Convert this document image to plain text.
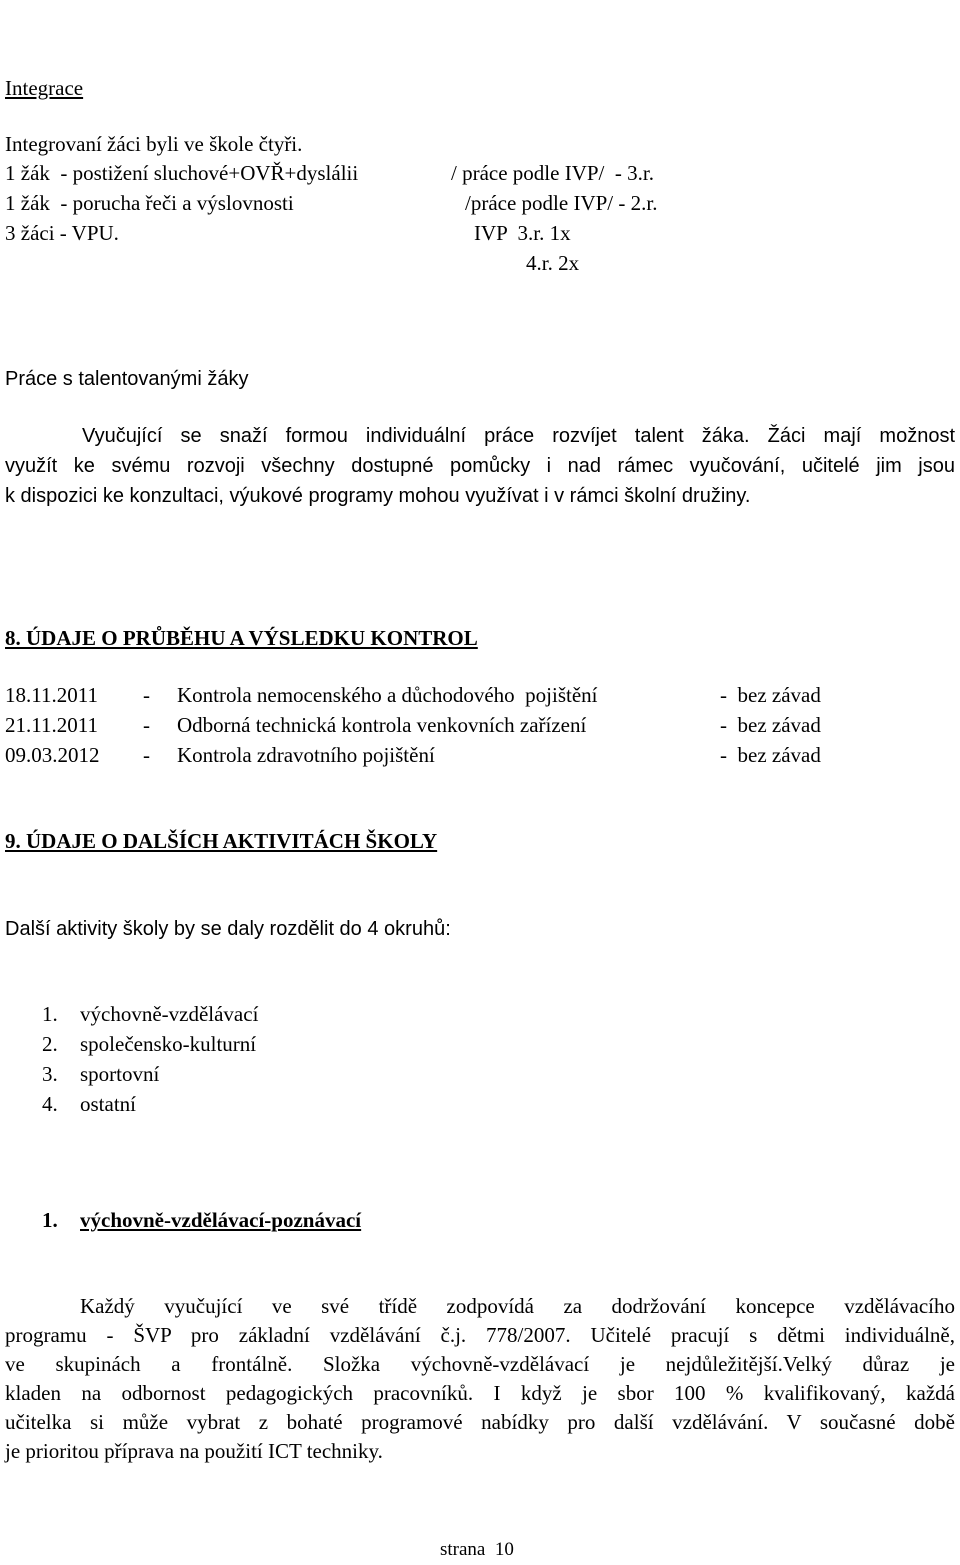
Integrace
Integrovaní žáci byli ve škole čtyři.
1 žák  - postižení sluchové+OVŘ+dyslálii	/ práce podle IVP/  - 3.r.
1 žák  - porucha řeči a výslovnosti	/práce podle IVP/ - 2.r.
3 žáci - VPU.	IVP  3.r. 1x
4.r. 2x
Práce s talentovanými žáky
Vyučující se snaží formou individuální práce rozvíjet talent žáka. Žáci mají možnost
využít ke svému rozvoji všechny dostupné pomůcky i nad rámec vyučování, učitelé jim jsou
k dispozici ke konzultaci, výukové programy mohou využívat i v rámci školní družiny.
8. ÚDAJE O PRŮBĚHU A VÝSLEDKU KONTROL
18.11.2011 - Kontrola nemocenského a důchodového  pojištění	-  bez závad
21.11.2011 - Odborná technická kontrola venkovních zařízení	-  bez závad
09.03.2012 - Kontrola zdravotního pojištění	-  bez závad
9. ÚDAJE O DALŠÍCH AKTIVITÁCH ŠKOLY
Další aktivity školy by se daly rozdělit do 4 okruhů:
1. výchovně-vzdělávací
2. společensko-kulturní
3. sportovní
4. ostatní
1. výchovně-vzdělávací-poznávací
Každý vyučující ve své třídě zodpovídá za dodržování koncepce vzdělávacího
programu - ŠVP pro základní vzdělávání č.j. 778/2007. Učitelé pracují s dětmi individuálně,
ve skupinách a frontálně. Složka výchovně-vzdělávací je nejdůležitější.Velký důraz je
kladen na odbornost pedagogických pracovníků. I když je sbor 100 % kvalifikovaný, každá
učitelka si může vybrat z bohaté programové nabídky pro další vzdělávání. V současné době
je prioritou příprava na použití ICT techniky.
strana  10
